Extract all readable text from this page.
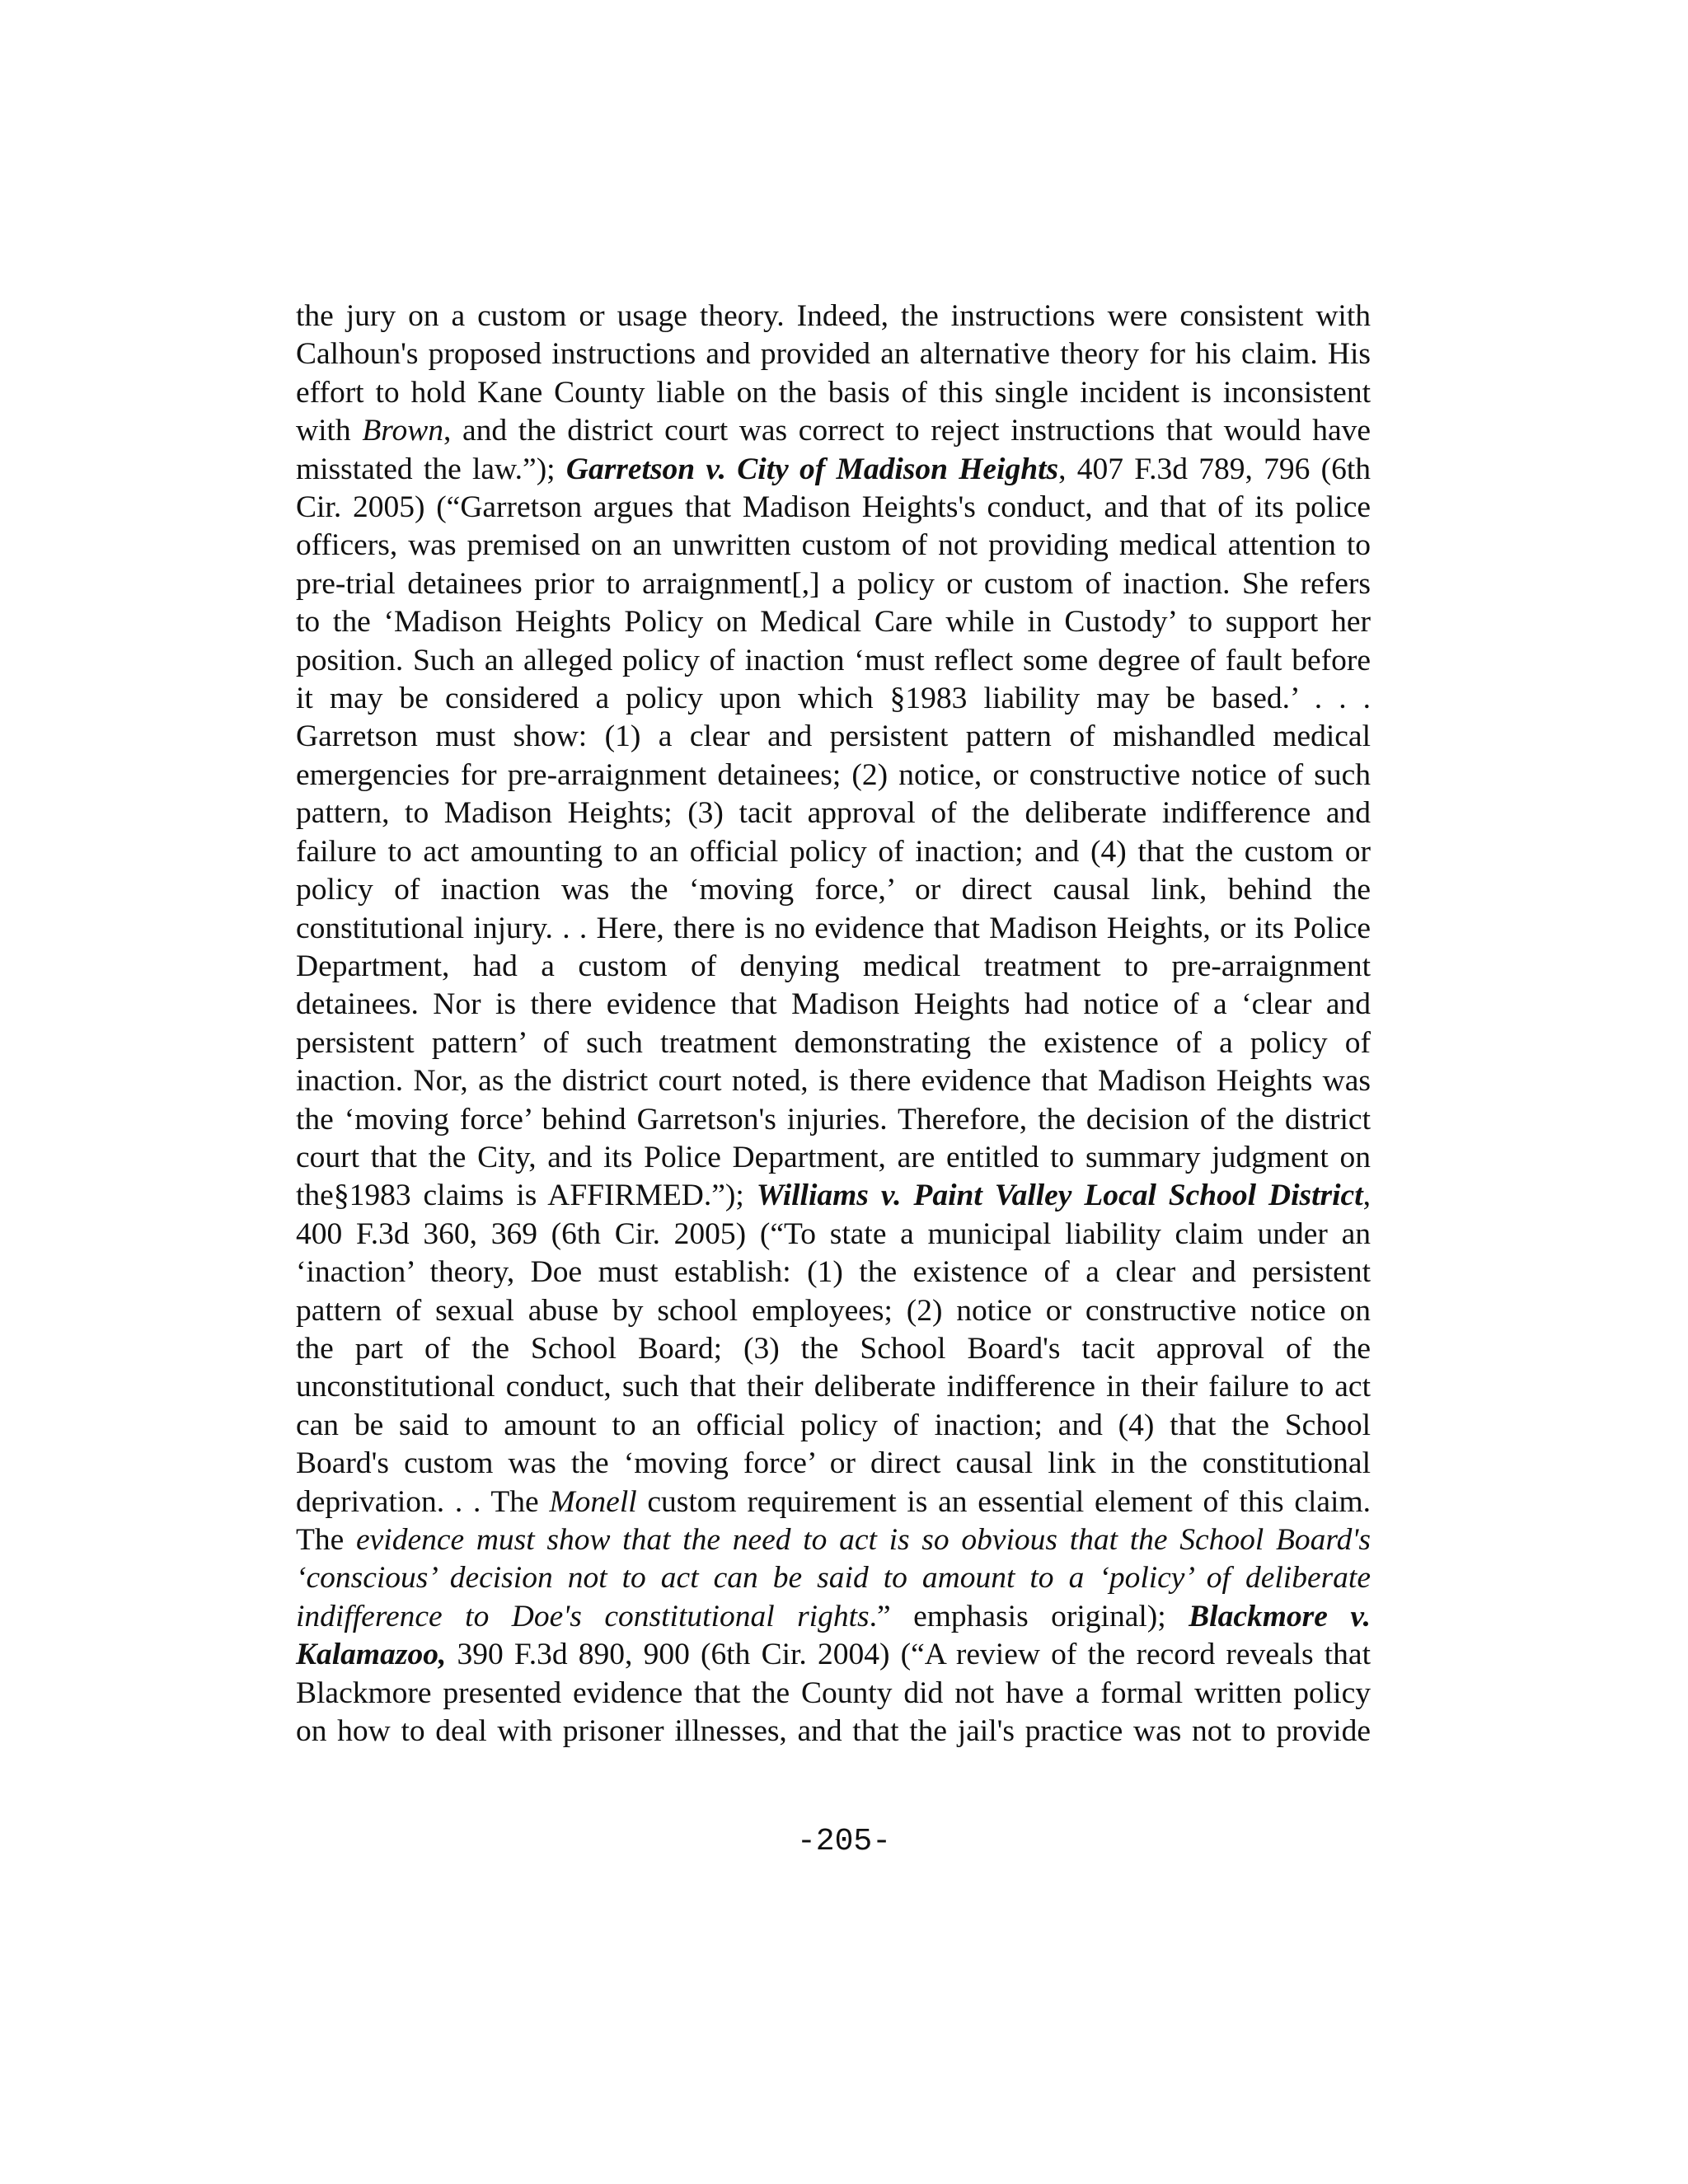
the jury on a custom or usage theory. Indeed, the instructions were consistent with
Calhoun's proposed instructions and provided an alternative theory for his claim. His
effort to hold Kane County liable on the basis of this single incident is inconsistent
with Brown, and the district court was correct to reject instructions that would have
misstated the law.”); Garretson v. City of Madison Heights, 407 F.3d 789, 796 (6th
Cir. 2005) (“Garretson argues that Madison Heights's conduct, and that of its police
officers, was premised on an unwritten custom of not providing medical attention to
pre-trial detainees prior to arraignment[,] a policy or custom of inaction. She refers
to the ‘Madison Heights Policy on Medical Care while in Custody’ to support her
position. Such an alleged policy of inaction ‘must reflect some degree of fault before
it may be considered a policy upon which §1983 liability may be based.’ . . .
Garretson must show: (1) a clear and persistent pattern of mishandled medical
emergencies for pre-arraignment detainees; (2) notice, or constructive notice of such
pattern, to Madison Heights; (3) tacit approval of the deliberate indifference and
failure to act amounting to an official policy of inaction; and (4) that the custom or
policy of inaction was the ‘moving force,’ or direct causal link, behind the
constitutional injury. . . Here, there is no evidence that Madison Heights, or its Police
Department, had a custom of denying medical treatment to pre-arraignment
detainees. Nor is there evidence that Madison Heights had notice of a ‘clear and
persistent pattern’ of such treatment demonstrating the existence of a policy of
inaction. Nor, as the district court noted, is there evidence that Madison Heights was
the ‘moving force’ behind Garretson's injuries. Therefore, the decision of the district
court that the City, and its Police Department, are entitled to summary judgment on
the§1983 claims is AFFIRMED.”); Williams v. Paint Valley Local School District,
400 F.3d 360, 369 (6th Cir. 2005) (“To state a municipal liability claim under an
‘inaction’ theory, Doe must establish: (1) the existence of a clear and persistent
pattern of sexual abuse by school employees; (2) notice or constructive notice on
the part of the School Board; (3) the School Board's tacit approval of the
unconstitutional conduct, such that their deliberate indifference in their failure to act
can be said to amount to an official policy of inaction; and (4) that the School
Board's custom was the ‘moving force’ or direct causal link in the constitutional
deprivation. . . The Monell custom requirement is an essential element of this claim.
The evidence must show that the need to act is so obvious that the School Board's
‘conscious’ decision not to act can be said to amount to a ‘policy’ of deliberate
indifference to Doe's constitutional rights.” emphasis original); Blackmore v.
Kalamazoo, 390 F.3d 890, 900 (6th Cir. 2004) (“A review of the record reveals that
Blackmore presented evidence that the County did not have a formal written policy
on how to deal with prisoner illnesses, and that the jail's practice was not to provide
-205-
